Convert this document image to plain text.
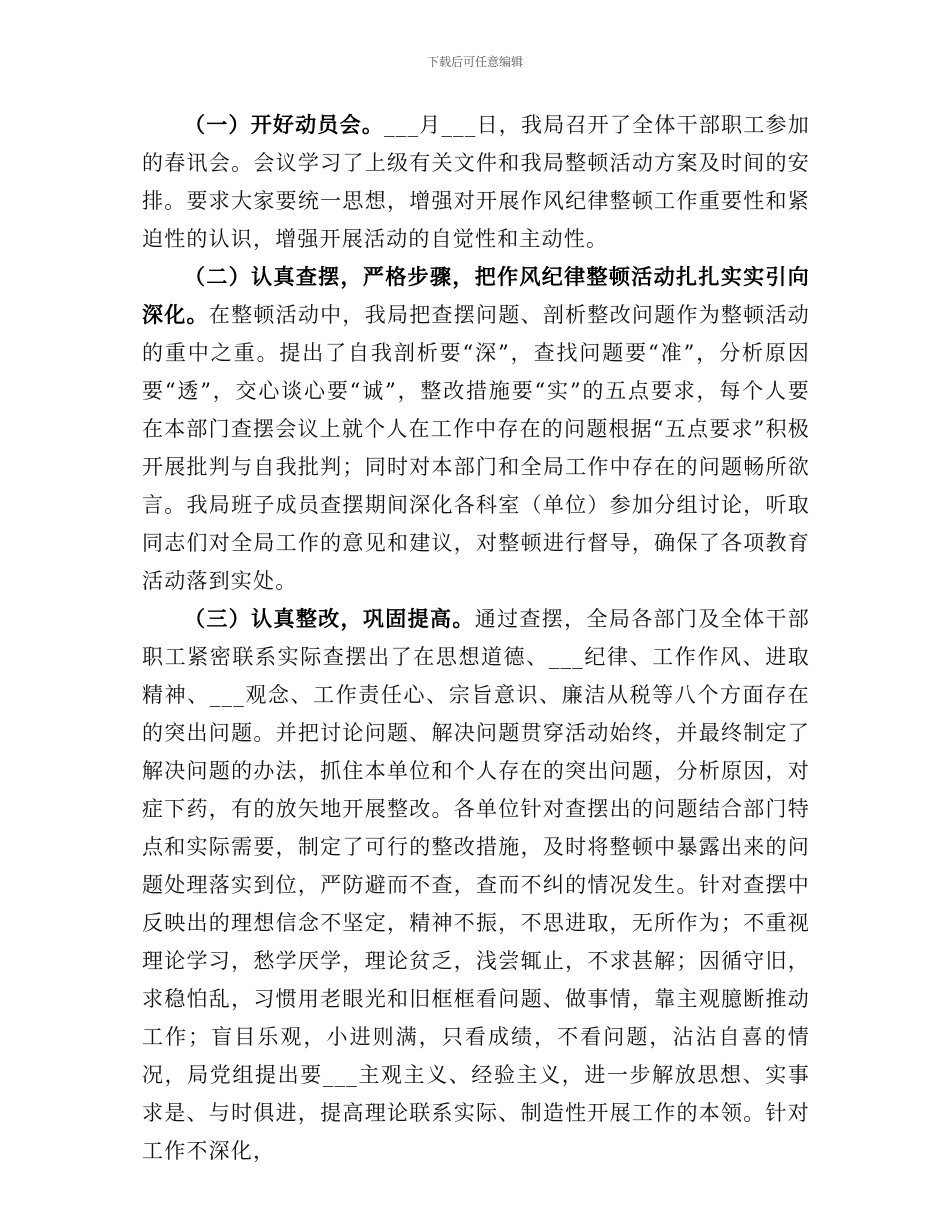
下载后可任意编辑

（一）开好动员会。___月___日，我局召开了全体干部职工参加的春讯会。会议学习了上级有关文件和我局整顿活动方案及时间的安排。要求大家要统一思想，增强对开展作风纪律整顿工作重要性和紧迫性的认识，增强开展活动的自觉性和主动性。

（二）认真查摆，严格步骤，把作风纪律整顿活动扎扎实实引向深化。在整顿活动中，我局把查摆问题、剖析整改问题作为整顿活动的重中之重。提出了自我剖析要“深”，查找问题要“准”，分析原因要“透”，交心谈心要“诚”，整改措施要“实”的五点要求，每个人要在本部门查摆会议上就个人在工作中存在的问题根据“五点要求”积极开展批判与自我批判；同时对本部门和全局工作中存在的问题畅所欲言。我局班子成员查摆期间深化各科室（单位）参加分组讨论，听取同志们对全局工作的意见和建议，对整顿进行督导，确保了各项教育活动落到实处。

（三）认真整改，巩固提高。通过查摆，全局各部门及全体干部职工紧密联系实际查摆出了在思想道德、___纪律、工作作风、进取精神、___观念、工作责任心、宗旨意识、廉洁从税等八个方面存在的突出问题。并把讨论问题、解决问题贯穿活动始终，并最终制定了解决问题的办法，抓住本单位和个人存在的突出问题，分析原因，对症下药，有的放矢地开展整改。各单位针对查摆出的问题结合部门特点和实际需要，制定了可行的整改措施，及时将整顿中暴露出来的问题处理落实到位，严防避而不查，查而不纠的情况发生。针对查摆中反映出的理想信念不坚定，精神不振，不思进取，无所作为；不重视理论学习，愁学厌学，理论贫乏，浅尝辄止，不求甚解；因循守旧，求稳怕乱，习惯用老眼光和旧框框看问题、做事情，靠主观臆断推动工作；盲目乐观，小进则满，只看成绩，不看问题，沾沾自喜的情况，局党组提出要___主观主义、经验主义，进一步解放思想、实事求是、与时俱进，提高理论联系实际、制造性开展工作的本领。针对工作不深化，
